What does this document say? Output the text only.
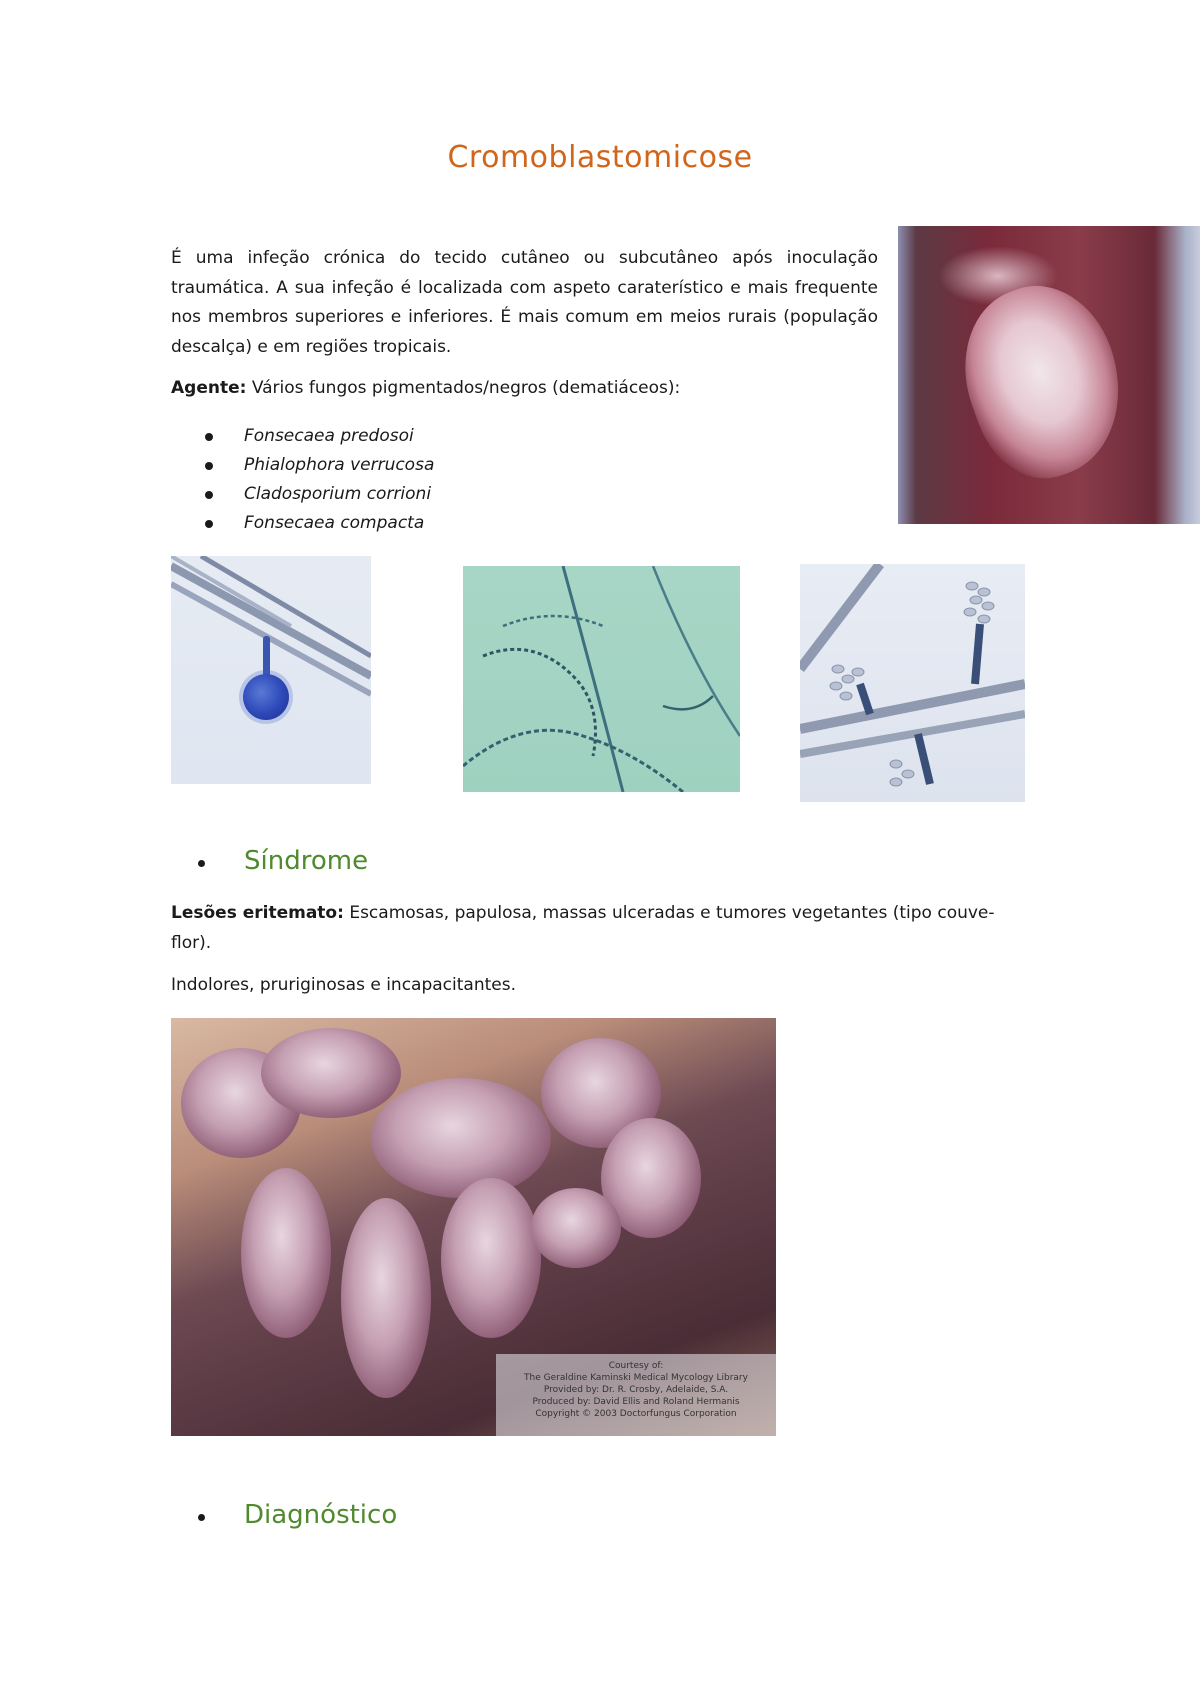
Cromoblastomicose

É uma infeção crónica do tecido cutâneo ou subcutâneo após inoculação traumática. A sua infeção é localizada com aspeto caraterístico e mais frequente nos membros superiores e inferiores. É mais comum em meios rurais (população descalça) e em regiões tropicais.

Agente: Vários fungos pigmentados/negros (dematiáceos):

Fonsecaea predosoi
Phialophora verrucosa
Cladosporium corrioni
Fonsecaea compacta
Síndrome

Lesões eritemato: Escamosas, papulosa, massas ulceradas e tumores vegetantes (tipo couve-flor).

Indolores, pruriginosas e incapacitantes.

Courtesy of:
The Geraldine Kaminski Medical Mycology Library
Provided by: Dr. R. Crosby, Adelaide, S.A.
Produced by: David Ellis and Roland Hermanis
Copyright © 2003 Doctorfungus Corporation
Diagnóstico
